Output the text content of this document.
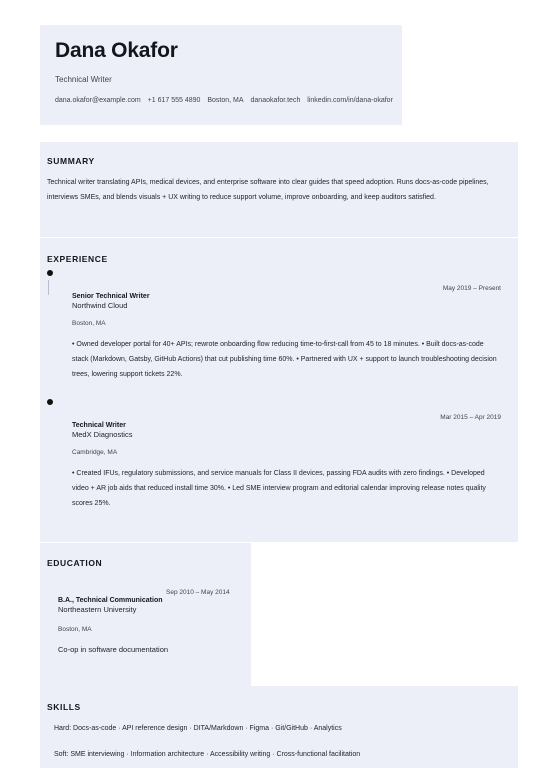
Dana Okafor
Technical Writer
dana.okafor@example.com +1 617 555 4890 Boston, MA danaokafor.tech linkedin.com/in/dana-okafor
SUMMARY
Technical writer translating APIs, medical devices, and enterprise software into clear guides that speed adoption. Runs docs-as-code pipelines, interviews SMEs, and blends visuals + UX writing to reduce support volume, improve onboarding, and keep auditors satisfied.
EXPERIENCE
Senior Technical Writer
May 2019 – Present
Northwind Cloud
Boston, MA
• Owned developer portal for 40+ APIs; rewrote onboarding flow reducing time-to-first-call from 45 to 18 minutes. • Built docs-as-code stack (Markdown, Gatsby, GitHub Actions) that cut publishing time 60%. • Partnered with UX + support to launch troubleshooting decision trees, lowering support tickets 22%.
Technical Writer
Mar 2015 – Apr 2019
MedX Diagnostics
Cambridge, MA
• Created IFUs, regulatory submissions, and service manuals for Class II devices, passing FDA audits with zero findings. • Developed video + AR job aids that reduced install time 30%. • Led SME interview program and editorial calendar improving release notes quality scores 25%.
EDUCATION
B.A., Technical Communication
Sep 2010 – May 2014
Northeastern University
Boston, MA
Co-op in software documentation
SKILLS
Hard: Docs-as-code · API reference design · DITA/Markdown · Figma · Git/GitHub · Analytics
Soft: SME interviewing · Information architecture · Accessibility writing · Cross-functional facilitation
